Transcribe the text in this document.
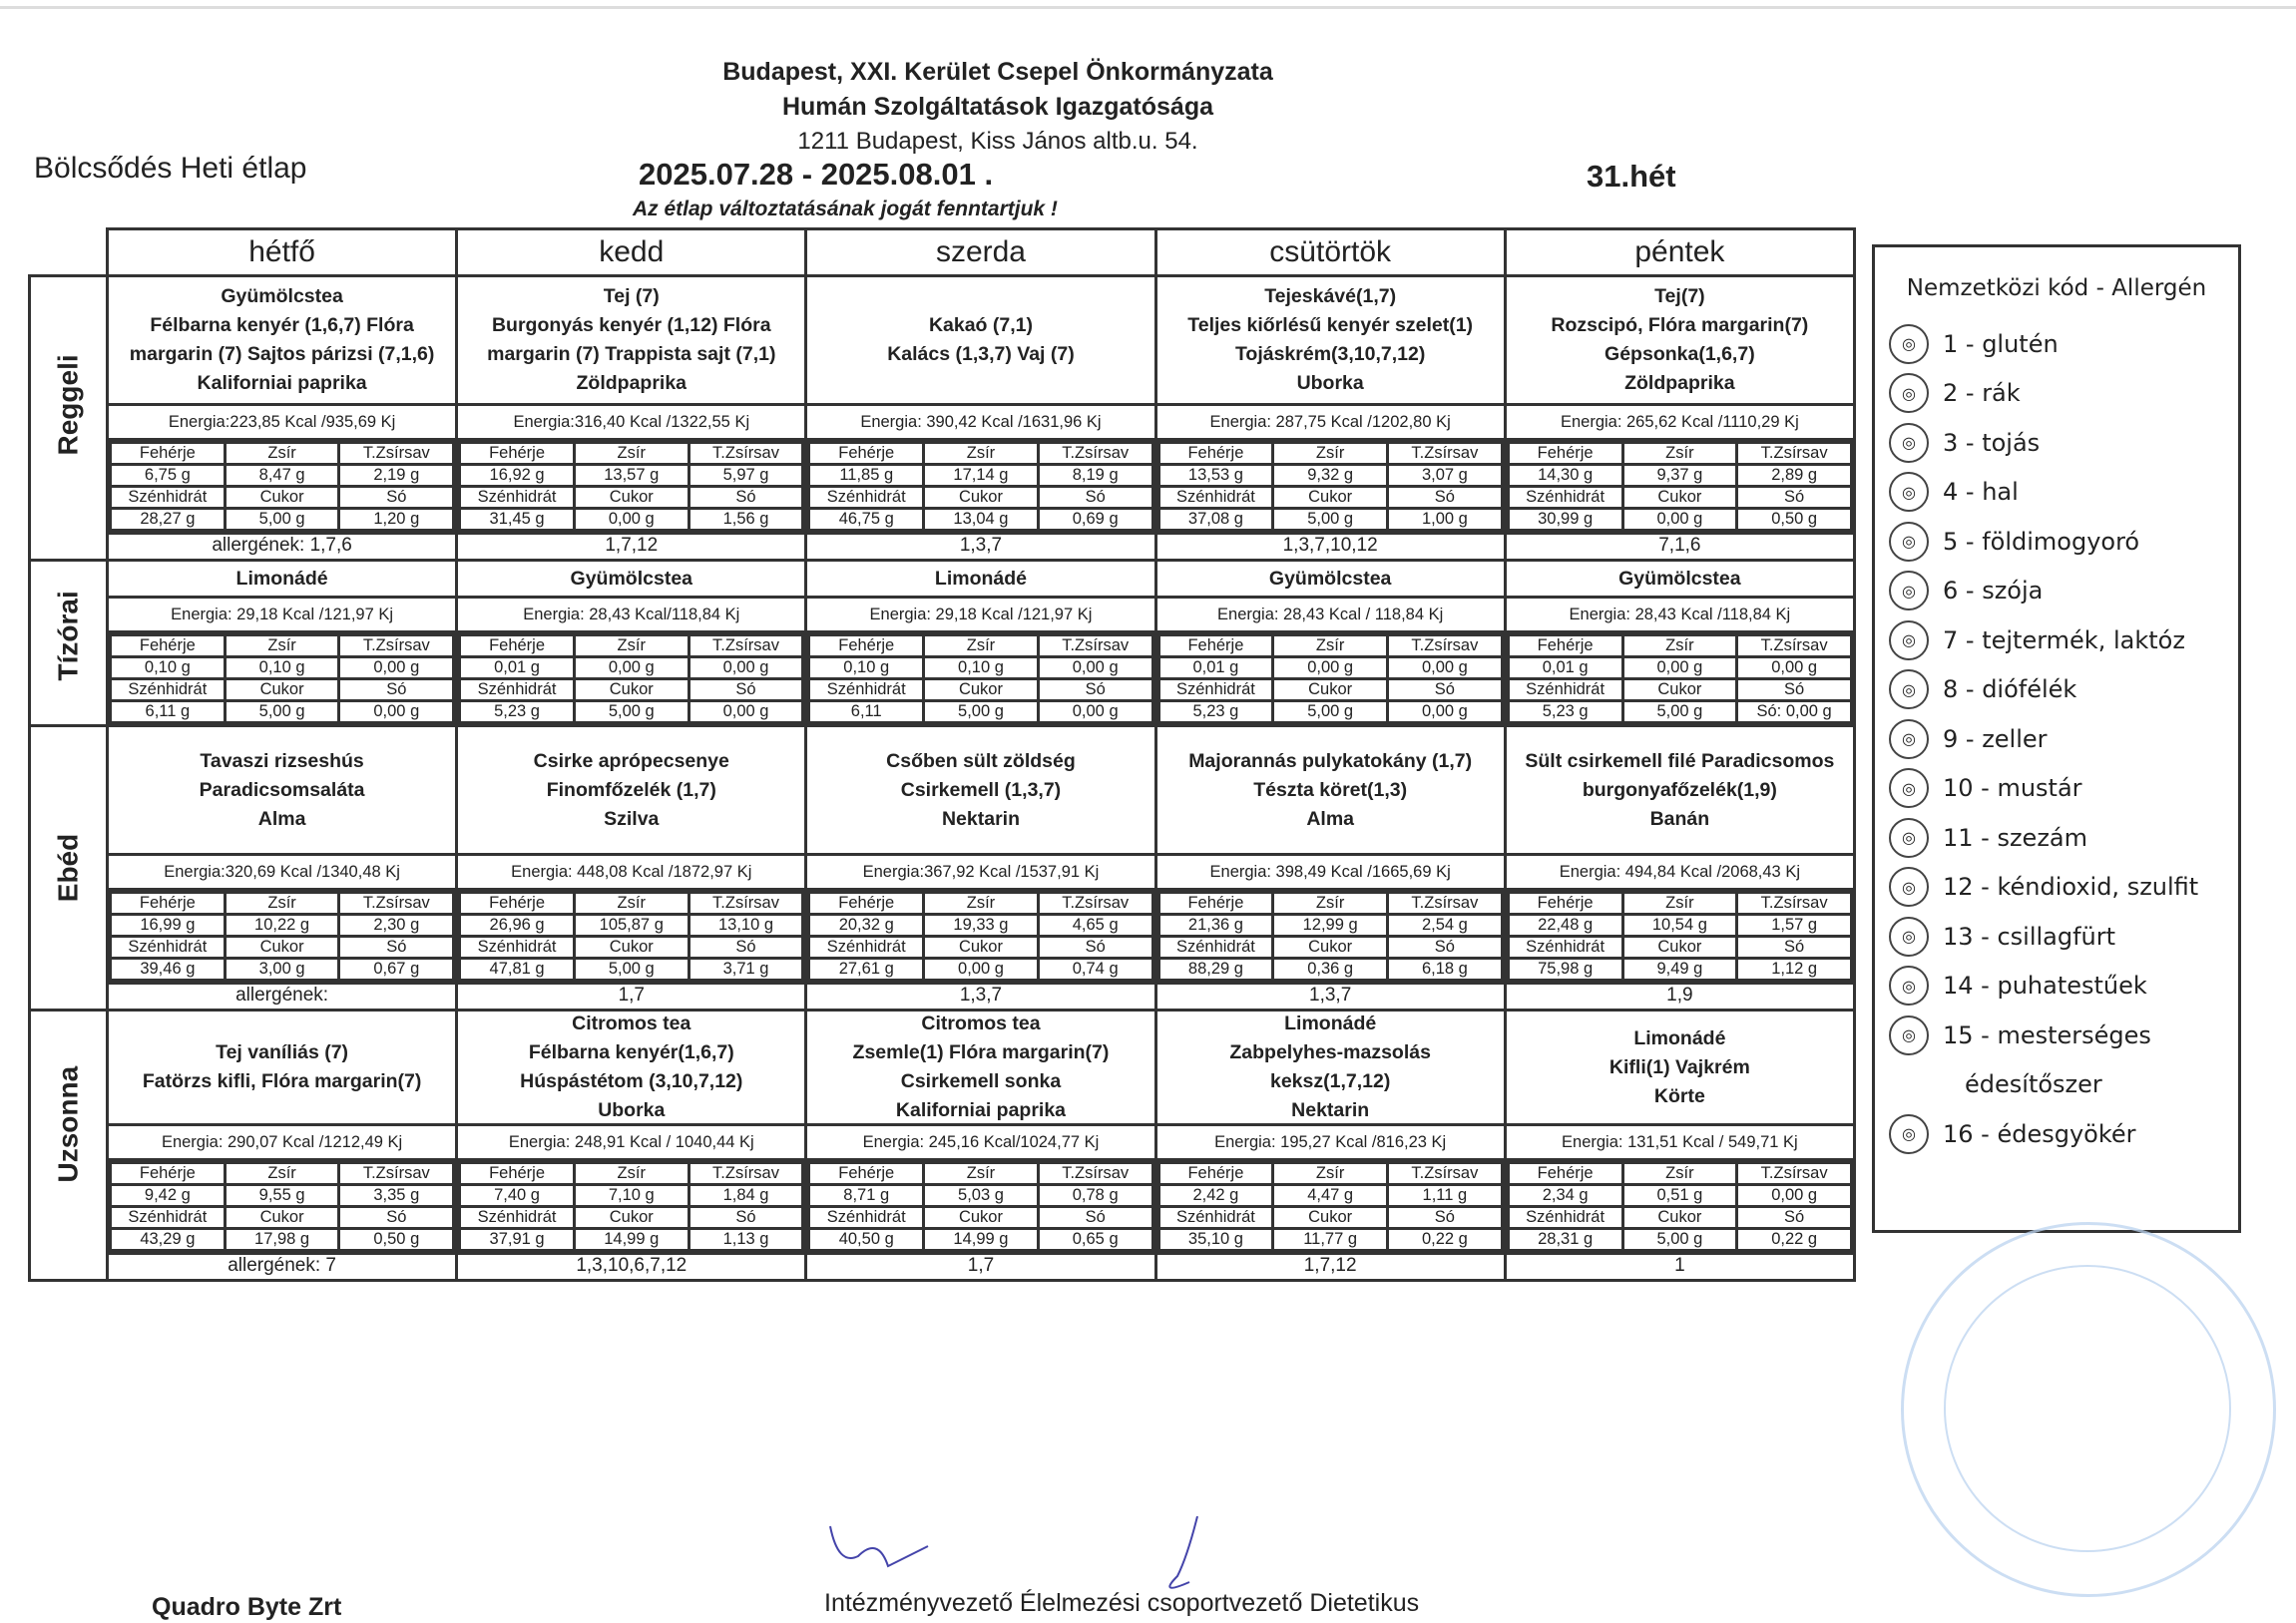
Budapest, XXI. Kerület Csepel Önkormányzata
Humán Szolgáltatások Igazgatósága
1211 Budapest, Kiss János altb.u. 54.
Bölcsődés Heti étlap	2025.07.28 - 2025.08.01 .	31.hét
Az étlap változtatásának jogát fenntartjuk !
	hétfő	kedd	szerda	csütörtök	péntek

Reggeli

Gyümölcstea
Félbarna kenyér (1,6,7) Flóra
margarin (7) Sajtos párizsi (7,1,6)
Kaliforniai paprika
Energia:223,85 Kcal /935,69 Kj
Fehérje	Zsír	T.Zsírsav
6,75 g	8,47 g	2,19 g
Szénhidrát	Cukor	Só
28,27 g	5,00 g	1,20 g
allergének: 1,7,6

Tej (7)
Burgonyás kenyér (1,12) Flóra
margarin (7) Trappista sajt (7,1)
Zöldpaprika
Energia:316,40 Kcal /1322,55 Kj
Fehérje	Zsír	T.Zsírsav
16,92 g	13,57 g	5,97 g
Szénhidrát	Cukor	Só
31,45 g	0,00 g	1,56 g
1,7,12

Kakaó (7,1)
Kalács (1,3,7) Vaj (7)
Energia: 390,42 Kcal /1631,96 Kj
Fehérje	Zsír	T.Zsírsav
11,85 g	17,14 g	8,19 g
Szénhidrát	Cukor	Só
46,75 g	13,04 g	0,69 g
1,3,7

Tejeskávé(1,7)
Teljes kiőrlésű kenyér szelet(1)
Tojáskrém(3,10,7,12)
Uborka
Energia: 287,75 Kcal /1202,80 Kj
Fehérje	Zsír	T.Zsírsav
13,53 g	9,32 g	3,07 g
Szénhidrát	Cukor	Só
37,08 g	5,00 g	1,00 g
1,3,7,10,12

Tej(7)
Rozscipó, Flóra margarin(7)
Gépsonka(1,6,7)
Zöldpaprika
Energia: 265,62 Kcal /1110,29 Kj
Fehérje	Zsír	T.Zsírsav
14,30 g	9,37 g	2,89 g
Szénhidrát	Cukor	Só
30,99 g	0,00 g	0,50 g
7,1,6

Tízórai

Limonádé
Energia: 29,18 Kcal /121,97 Kj
Fehérje	Zsír	T.Zsírsav
0,10 g	0,10 g	0,00 g
Szénhidrát	Cukor	Só
6,11 g	5,00 g	0,00 g

Gyümölcstea
Energia: 28,43 Kcal/118,84 Kj
Fehérje	Zsír	T.Zsírsav
0,01 g	0,00 g	0,00 g
Szénhidrát	Cukor	Só
5,23 g	5,00 g	0,00 g

Limonádé
Energia: 29,18 Kcal /121,97 Kj
Fehérje	Zsír	T.Zsírsav
0,10 g	0,10 g	0,00 g
Szénhidrát	Cukor	Só
6,11	5,00 g	0,00 g

Gyümölcstea
Energia: 28,43 Kcal / 118,84 Kj
Fehérje	Zsír	T.Zsírsav
0,01 g	0,00 g	0,00 g
Szénhidrát	Cukor	Só
5,23 g	5,00 g	0,00 g

Gyümölcstea
Energia: 28,43 Kcal /118,84 Kj
Fehérje	Zsír	T.Zsírsav
0,01 g	0,00 g	0,00 g
Szénhidrát	Cukor	Só
5,23 g	5,00 g	Só: 0,00 g

Ebéd

Tavaszi rizseshús
Paradicsomsaláta
Alma
Energia:320,69 Kcal /1340,48 Kj
Fehérje	Zsír	T.Zsírsav
16,99 g	10,22 g	2,30 g
Szénhidrát	Cukor	Só
39,46 g	3,00 g	0,67 g
allergének:

Csirke aprópecsenye
Finomfőzelék (1,7)
Szilva
Energia: 448,08 Kcal /1872,97 Kj
Fehérje	Zsír	T.Zsírsav
26,96 g	105,87 g	13,10 g
Szénhidrát	Cukor	Só
47,81 g	5,00 g	3,71 g
1,7

Csőben sült zöldség
Csirkemell (1,3,7)
Nektarin
Energia:367,92 Kcal /1537,91 Kj
Fehérje	Zsír	T.Zsírsav
20,32 g	19,33 g	4,65 g
Szénhidrát	Cukor	Só
27,61 g	0,00 g	0,74 g
1,3,7

Majorannás pulykatokány (1,7)
Tészta köret(1,3)
Alma
Energia: 398,49 Kcal /1665,69 Kj
Fehérje	Zsír	T.Zsírsav
21,36 g	12,99 g	2,54 g
Szénhidrát	Cukor	Só
88,29 g	0,36 g	6,18 g
1,3,7

Sült csirkemell filé Paradicsomos
burgonyafőzelék(1,9)
Banán
Energia: 494,84 Kcal /2068,43 Kj
Fehérje	Zsír	T.Zsírsav
22,48 g	10,54 g	1,57 g
Szénhidrát	Cukor	Só
75,98 g	9,49 g	1,12 g
1,9

Uzsonna

Tej vaníliás (7)
Fatörzs kifli, Flóra margarin(7)
Energia: 290,07 Kcal /1212,49 Kj
Fehérje	Zsír	T.Zsírsav
9,42 g	9,55 g	3,35 g
Szénhidrát	Cukor	Só
43,29 g	17,98 g	0,50 g
allergének: 7

Citromos tea
Félbarna kenyér(1,6,7)
Húspástétom (3,10,7,12)
Uborka
Energia: 248,91 Kcal / 1040,44 Kj
Fehérje	Zsír	T.Zsírsav
7,40 g	7,10 g	1,84 g
Szénhidrát	Cukor	Só
37,91 g	14,99 g	1,13 g
1,3,10,6,7,12

Citromos tea
Zsemle(1) Flóra margarin(7)
Csirkemell sonka
Kaliforniai paprika
Energia: 245,16 Kcal/1024,77 Kj
Fehérje	Zsír	T.Zsírsav
8,71 g	5,03 g	0,78 g
Szénhidrát	Cukor	Só
40,50 g	14,99 g	0,65 g
1,7

Limonádé
Zabpelyhes-mazsolás
keksz(1,7,12)
Nektarin
Energia: 195,27 Kcal /816,23 Kj
Fehérje	Zsír	T.Zsírsav
2,42 g	4,47 g	1,11 g
Szénhidrát	Cukor	Só
35,10 g	11,77 g	0,22 g
1,7,12

Limonádé
Kifli(1) Vajkrém
Körte
Energia: 131,51 Kcal / 549,71 Kj
Fehérje	Zsír	T.Zsírsav
2,34 g	0,51 g	0,00 g
Szénhidrát	Cukor	Só
28,31 g	5,00 g	0,22 g
1
Nemzetközi kód - Allergén
◎	1 - glutén
◎	2 - rák
◎	3 - tojás
◎	4 - hal
◎	5 - földimogyoró
◎	6 - szója
◎	7 - tejtermék, laktóz
◎	8 - diófélék
◎	9 - zeller
◎	10 - mustár
◎	11 - szezám
◎	12 - kéndioxid, szulfit
◎	13 - csillagfürt
◎	14 - puhatestűek
◎	15 - mesterséges
édesítőszer
◎	16 - édesgyökér
Quadro Byte Zrt	Intézményvezető Élelmezési csoportvezető Dietetikus
